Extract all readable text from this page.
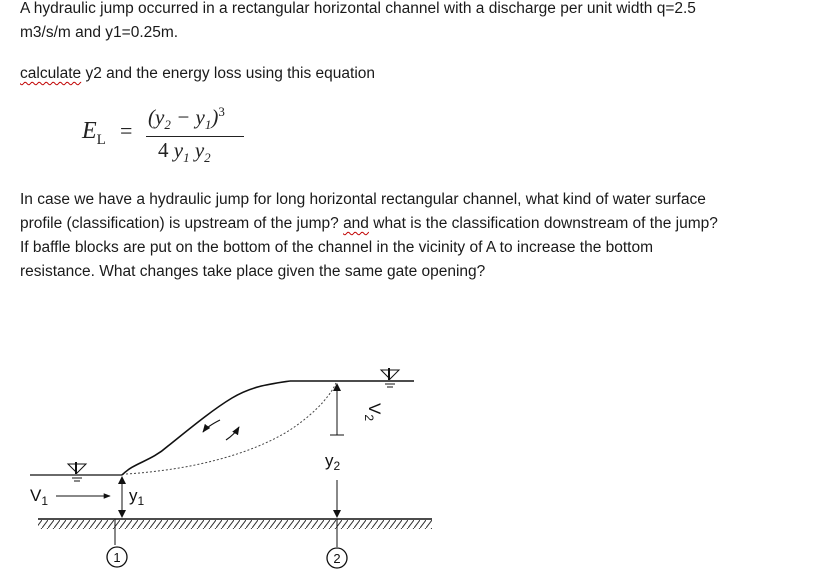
A hydraulic jump occurred in a rectangular horizontal channel with a discharge per unit width q=2.5
m3/s/m and y1=0.25m.

calculate y2 and the energy loss using this equation

$E_L$ =
$(y_2 - y_1)^3$
4 $y_1$ $y_2$

In case we have a hydraulic jump for long horizontal rectangular channel, what kind of water surface
profile (classification) is upstream of the jump? and what is the classification downstream of the jump?
If baffle blocks are put on the bottom of the channel in the vicinity of A to increase the bottom
resistance. What changes take place given the same gate opening?

$V_1$	$y_1$
1
$y_2$
$V_2$
2
